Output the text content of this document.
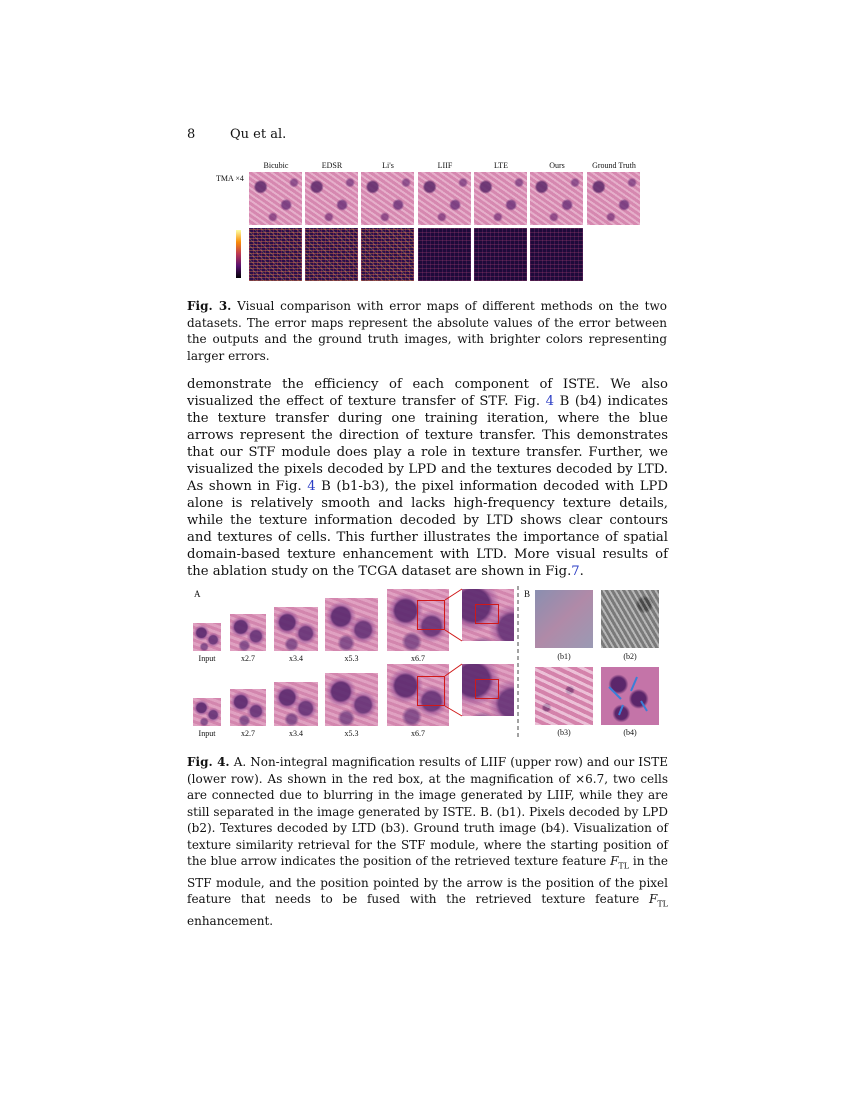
8	Qu et al.
TMA ×4
Bicubic	EDSR	Li's	LIIF	LTE	Ours	Ground Truth
Fig. 3. Visual comparison with error maps of different methods on the two datasets. The error maps represent the absolute values of the error between the outputs and the ground truth images, with brighter colors representing larger errors.
demonstrate the efficiency of each component of ISTE. We also visualized the effect of texture transfer of STF. Fig. 4 B (b4) indicates the texture transfer during one training iteration, where the blue arrows represent the direction of texture transfer. This demonstrates that our STF module does play a role in texture transfer. Further, we visualized the pixels decoded by LPD and the textures decoded by LTD. As shown in Fig. 4 B (b1-b3), the pixel information decoded with LPD alone is relatively smooth and lacks high-frequency texture details, while the texture information decoded by LTD shows clear contours and textures of cells. This further illustrates the importance of spatial domain-based texture enhancement with LTD. More visual results of the ablation study on the TCGA dataset are shown in Fig.7.
A	B
Input	x2.7	x3.4	x5.3	x6.7
Input	x2.7	x3.4	x5.3	x6.7
(b1)	(b2)
(b3)	(b4)
Fig. 4. A. Non-integral magnification results of LIIF (upper row) and our ISTE (lower row). As shown in the red box, at the magnification of ×6.7, two cells are connected due to blurring in the image generated by LIIF, while they are still separated in the image generated by ISTE. B. (b1). Pixels decoded by LPD (b2). Textures decoded by LTD (b3). Ground truth image (b4). Visualization of texture similarity retrieval for the STF module, where the starting position of the blue arrow indicates the position of the retrieved texture feature $F_{TL}$ in the STF module, and the position pointed by the arrow is the position of the pixel feature that needs to be fused with the retrieved texture feature $F_{TL}$ enhancement.
